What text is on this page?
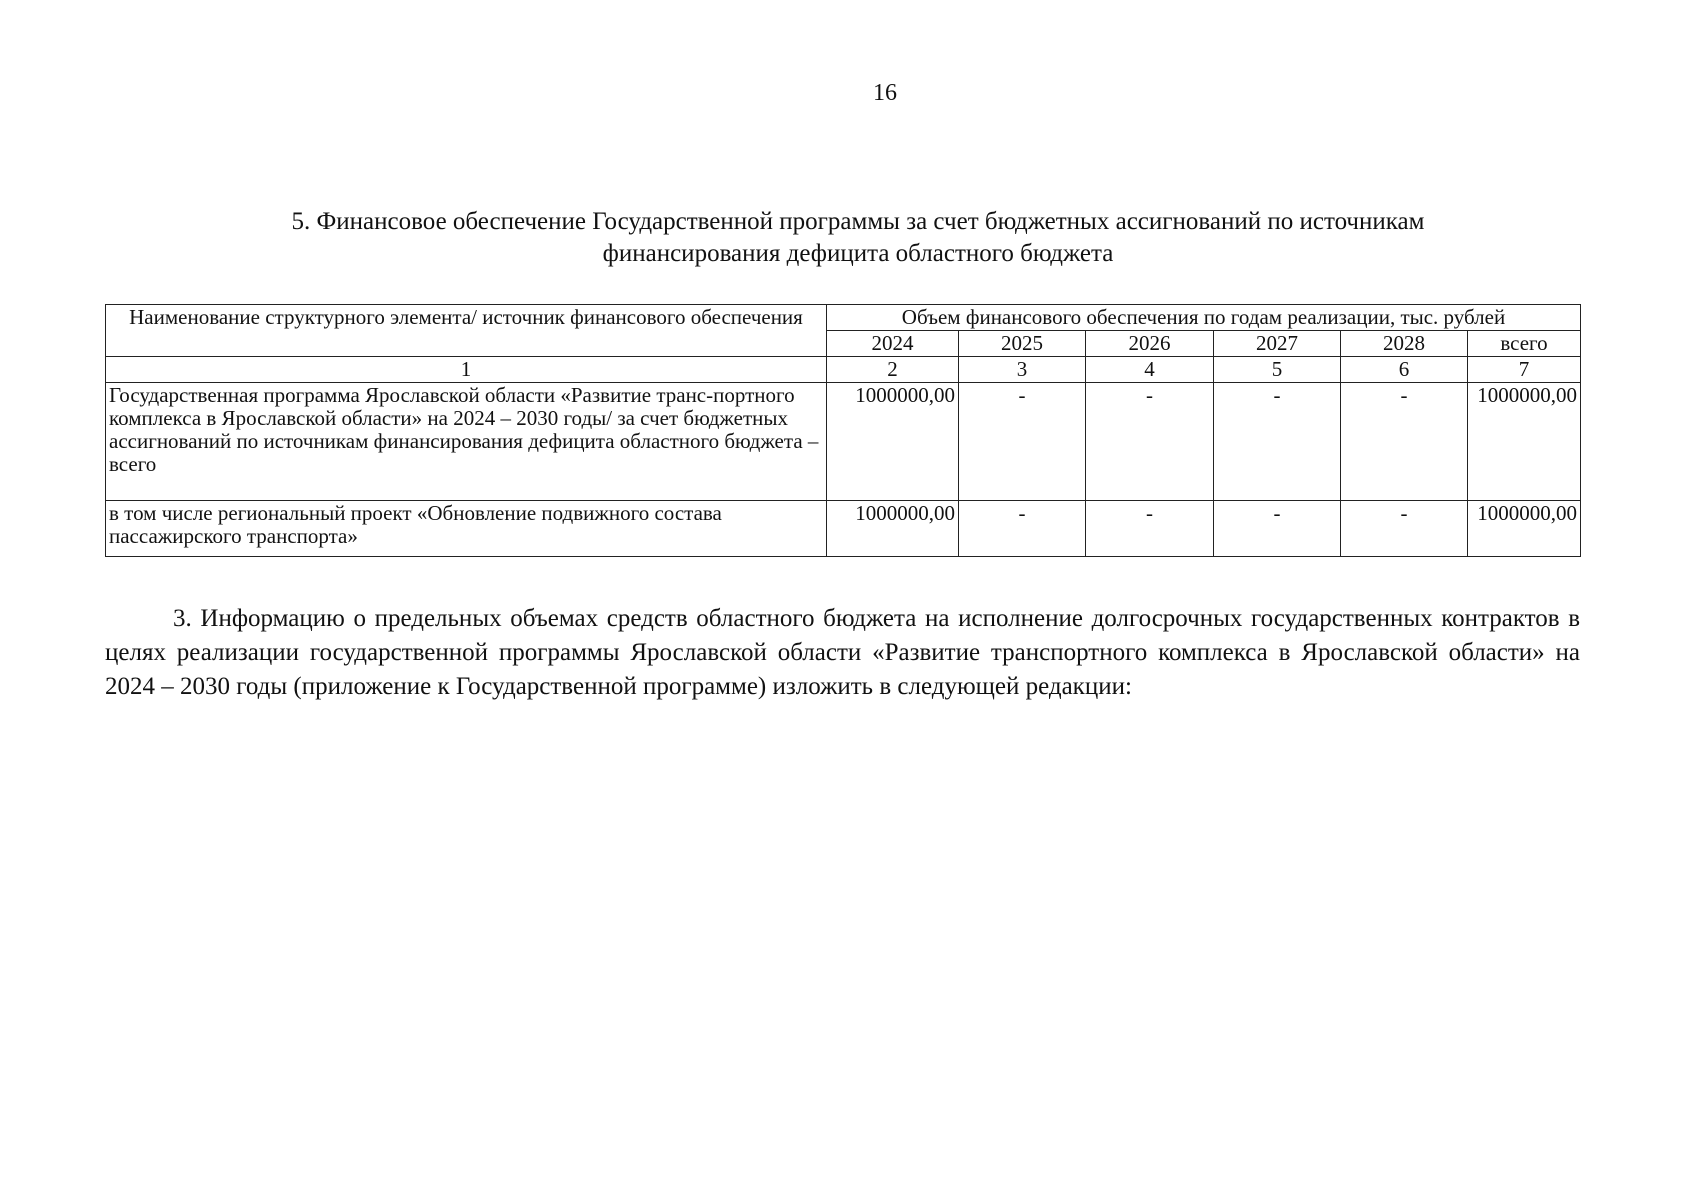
16
5. Финансовое обеспечение Государственной программы за счет бюджетных ассигнований по источникам
финансирования дефицита областного бюджета
Наименование структурного элемента/ источник финансового обеспечения	Объем финансового обеспечения по годам реализации, тыс. рублей					
	2024	2025	2026	2027	2028	всего
1	2	3	4	5	6	7
Государственная программа Ярославской области «Развитие транс-портного комплекса в Ярославской области» на 2024 – 2030 годы/ за счет бюджетных ассигнований по источникам финансирования дефицита областного бюджета – всего	1000000,00	-	-	-	-	1000000,00
в том числе региональный проект «Обновление подвижного состава пассажирского транспорта»	1000000,00	-	-	-	-	1000000,00
3. Информацию о предельных объемах средств областного бюджета на исполнение долгосрочных государственных контрактов в целях реализации государственной программы Ярославской области «Развитие транспортного комплекса в Ярославской области» на 2024 – 2030 годы (приложение к Государственной программе) изложить в следующей редакции:
